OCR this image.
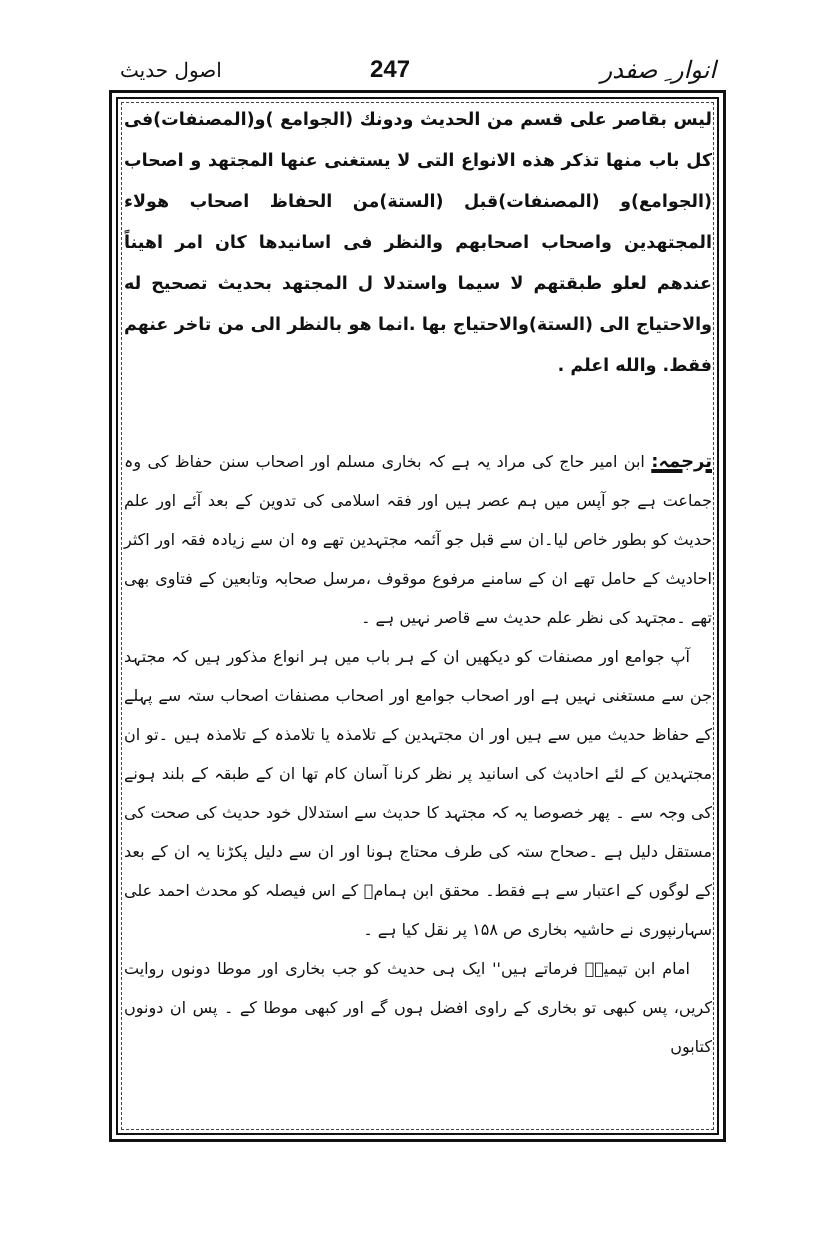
انوار ِ صفدر
247
اصول حدیث

ليس بقاصر على قسم من الحديث ودونك (الجوامع )و(المصنفات)فى كل باب منها تذكر هذه الانواع التى لا يستغنى عنها المجتهد و اصحاب (الجوامع)و (المصنفات)قبل (الستة)من الحفاظ اصحاب هولاء المجتهدين واصحاب اصحابهم والنظر فى اسانيدها كان امر اهيناً عندهم لعلو طبقتهم لا سيما واستدلا ل المجتهد بحديث تصحيح له والاحتياج الى (الستة)والاحتياج بها .انما هو بالنظر الى من تاخر عنهم فقط. والله اعلم .

ترجمہ: ابن امیر حاج کی مراد یہ ہے کہ بخاری مسلم اور اصحاب سنن حفاظ کی وہ جماعت ہے جو آپس میں ہم عصر ہیں اور فقہ اسلامی کی تدوین کے بعد آئے اور علم حدیث کو بطور خاص لیا۔ان سے قبل جو آئمہ مجتہدین تھے وہ ان سے زیادہ فقہ اور اکثر احادیث کے حامل تھے ان کے سامنے مرفوع موقوف ،مرسل صحابہ وتابعین کے فتاوی بھی تھے ۔مجتہد کی نظر علم حدیث سے قاصر نہیں ہے ۔

آپ جوامع اور مصنفات کو دیکھیں ان کے ہر باب میں ہر انواع مذکور ہیں کہ مجتہد جن سے مستغنی نہیں ہے اور اصحاب جوامع اور اصحاب مصنفات اصحاب ستہ سے پہلے کے حفاظ حدیث میں سے ہیں اور ان مجتہدین کے تلامذہ یا تلامذہ کے تلامذہ ہیں ۔تو ان مجتہدین کے لئے احادیث کی اسانید پر نظر کرنا آسان کام تھا ان کے طبقہ کے بلند ہونے کی وجہ سے ۔ پھر خصوصا یہ کہ مجتہد کا حدیث سے استدلال خود حدیث کی صحت کی مستقل دلیل ہے ۔صحاح ستہ کی طرف محتاج ہونا اور ان سے دلیل پکڑنا یہ ان کے بعد کے لوگوں کے اعتبار سے ہے فقط۔ محقق ابن ہمامؒ کے اس فیصلہ کو محدث احمد علی سہارنپوری نے حاشیہ بخاری ص ۱۵۸ پر نقل کیا ہے ۔

امام ابن تیمیہؒ فرماتے ہیں'' ایک ہی حدیث کو جب بخاری اور موطا دونوں روایت کریں، پس کبھی تو بخاری کے راوی افضل ہوں گے اور کبھی موطا کے ۔ پس ان دونوں کتابوں
